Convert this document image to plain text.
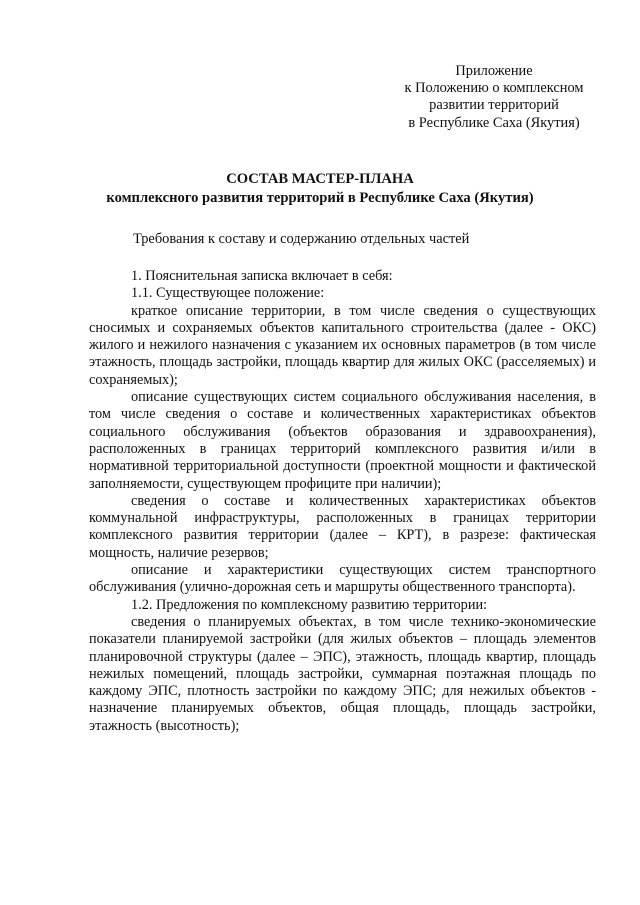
Приложение
к Положению о комплексном
развитии территорий
в Республике Саха (Якутия)
СОСТАВ МАСТЕР-ПЛАНА
комплексного развития территорий в Республике Саха (Якутия)
Требования к составу и содержанию отдельных частей

1. Пояснительная записка включает в себя:

1.1. Существующее положение:

краткое описание территории, в том числе сведения о существующих сносимых и сохраняемых объектов капитального строительства (далее - ОКС) жилого и нежилого назначения с указанием их основных параметров (в том числе этажность, площадь застройки, площадь квартир для жилых ОКС (расселяемых) и сохраняемых);

описание существующих систем социального обслуживания населения, в том числе сведения о составе и количественных характеристиках объектов социального обслуживания (объектов образования и здравоохранения), расположенных в границах территорий комплексного развития и/или в нормативной территориальной доступности (проектной мощности и фактической заполняемости, существующем профиците при наличии);

сведения о составе и количественных характеристиках объектов коммунальной инфраструктуры, расположенных в границах территории комплексного развития территории (далее – КРТ), в разрезе: фактическая мощность, наличие резервов;

описание и характеристики существующих систем транспортного обслуживания (улично-дорожная сеть и маршруты общественного транспорта).

1.2. Предложения по комплексному развитию территории:

сведения о планируемых объектах, в том числе технико-экономические показатели планируемой застройки (для жилых объектов – площадь элементов планировочной структуры (далее – ЭПС), этажность, площадь квартир, площадь нежилых помещений, площадь застройки, суммарная поэтажная площадь по каждому ЭПС, плотность застройки по каждому ЭПС; для нежилых объектов - назначение планируемых объектов, общая площадь, площадь застройки, этажность (высотность);
